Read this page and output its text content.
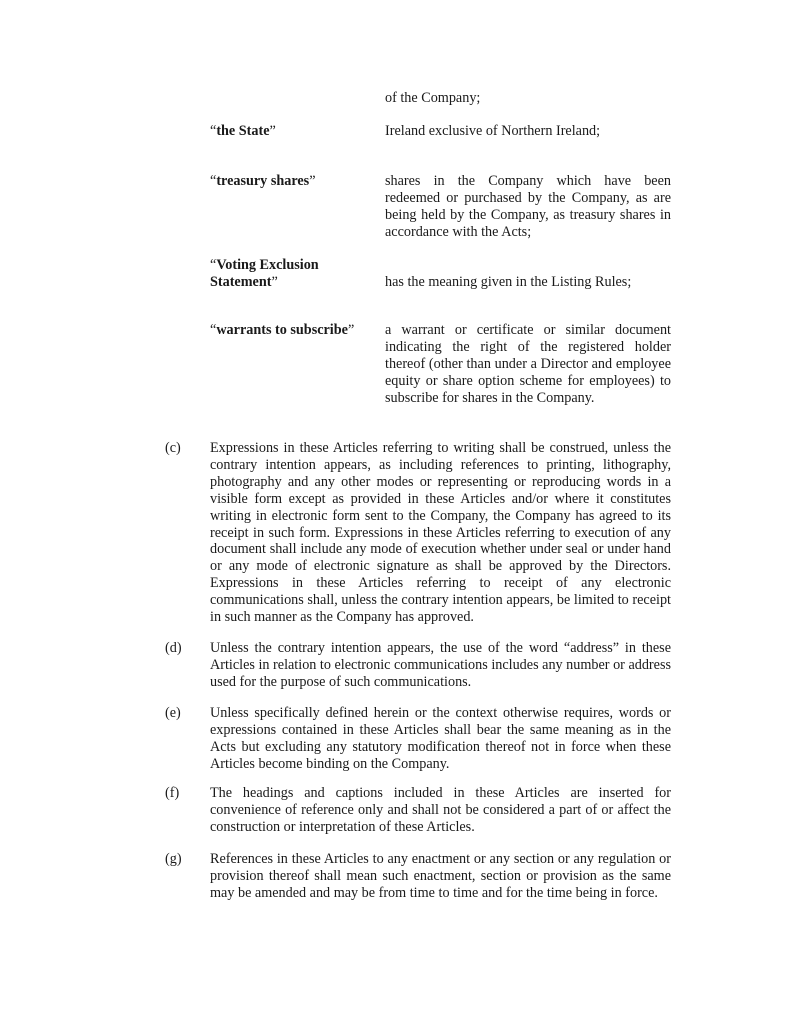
of the Company;
“the State”	Ireland exclusive of Northern Ireland;
“treasury shares”	shares in the Company which have been redeemed or purchased by the Company, as are being held by the Company, as treasury shares in accordance with the Acts;
“Voting Exclusion
Statement”	has the meaning given in the Listing Rules;
“warrants to subscribe”	a warrant or certificate or similar document indicating the right of the registered holder thereof (other than under a Director and employee equity or share option scheme for employees) to subscribe for shares in the Company.
(c)	Expressions in these Articles referring to writing shall be construed, unless the contrary intention appears, as including references to printing, lithography, photography and any other modes or representing or reproducing words in a visible form except as provided in these Articles and/or where it constitutes writing in electronic form sent to the Company, the Company has agreed to its receipt in such form. Expressions in these Articles referring to execution of any document shall include any mode of execution whether under seal or under hand or any mode of electronic signature as shall be approved by the Directors. Expressions in these Articles referring to receipt of any electronic communications shall, unless the contrary intention appears, be limited to receipt in such manner as the Company has approved.
(d)	Unless the contrary intention appears, the use of the word “address” in these Articles in relation to electronic communications includes any number or address used for the purpose of such communications.
(e)	Unless specifically defined herein or the context otherwise requires, words or expressions contained in these Articles shall bear the same meaning as in the Acts but excluding any statutory modification thereof not in force when these Articles become binding on the Company.
(f)	The headings and captions included in these Articles are inserted for convenience of reference only and shall not be considered a part of or affect the construction or interpretation of these Articles.
(g)	References in these Articles to any enactment or any section or any regulation or provision thereof shall mean such enactment, section or provision as the same may be amended and may be from time to time and for the time being in force.
